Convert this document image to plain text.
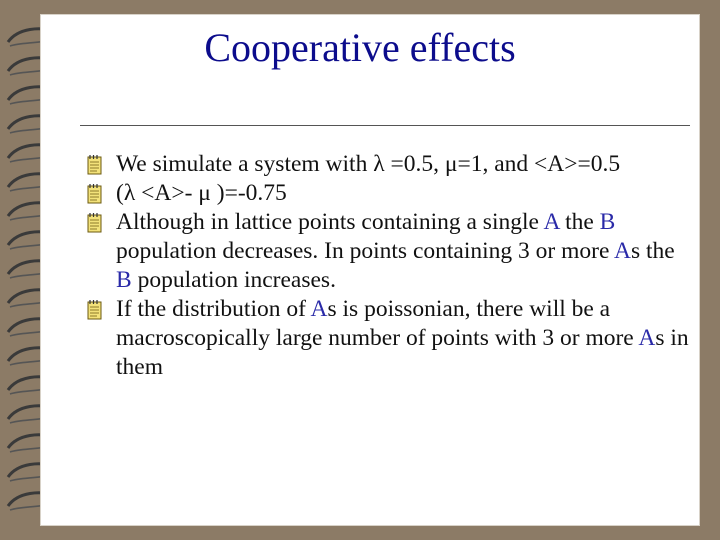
Cooperative effects
We simulate a system with λ =0.5, μ=1, and <A>=0.5
(λ <A>- μ )=-0.75
Although in lattice points containing a single A the B population decreases. In points containing 3 or more As the B population increases.
If the distribution of As is poissonian, there will be a macroscopically large number of points with 3 or more As in them
